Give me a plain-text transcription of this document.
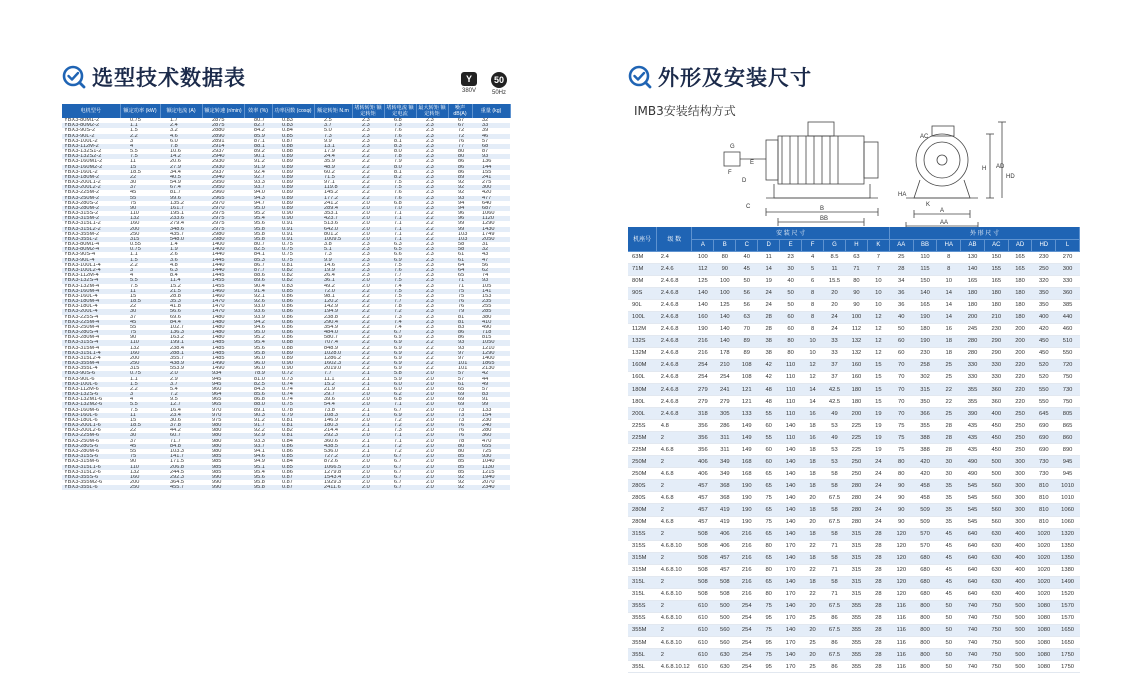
选型技术数据表	Y
380V
50
50Hz
电机型号	额定功率 (kW)	额定电流 (A)	额定转速 (r/min)	效率 (%)	功率因数 (cosφ)	额定转矩 N.m	堵转转矩 额定转矩	堵转电流 额定电流	最大转矩 额定转矩	噪声 dB(A)	重量 (kg)
YBX3-80M1-2	0.75	1.7	2875	80.7	0.83	2.5	2.3	6.8	2.3	67	32
YBX3-80M2-2	1.1	2.4	2875	82.7	0.83	3.7	2.3	7.3	2.3	67	33
YBX3-90S-2	1.5	3.2	2880	84.2	0.84	5.0	2.3	7.6	2.3	72	39
YBX3-90L-2	2.2	4.6	2890	85.9	0.85	7.3	2.3	7.6	2.3	72	46
YBX3-100L-2	3	6.0	2891	87.1	0.87	9.9	2.3	8.1	2.3	76	57
YBX3-112M-2	4	7.8	2914	88.1	0.88	13.1	2.3	8.3	2.3	77	68
YBX3-132S1-2	5.5	10.6	2937	89.2	0.88	17.9	2.2	8.0	2.3	80	87
YBX3-132S2-2	7.5	14.2	2940	90.1	0.89	24.4	2.2	7.8	2.3	80	93
YBX3-160M1-2	11	20.6	2930	91.2	0.89	35.9	2.2	7.9	2.3	86	136
YBX3-160M2-2	15	27.9	2930	91.9	0.89	48.9	2.2	8.0	2.3	86	144
YBX3-160L-2	18.5	34.4	2937	92.4	0.89	60.2	2.2	8.1	2.3	86	155
YBX3-180M-2	22	40.5	2940	92.7	0.89	71.5	2.2	8.2	2.3	89	241
YBX3-200L1-2	30	54.9	2950	93.3	0.89	97.1	2.2	7.5	2.3	92	275
YBX3-200L2-2	37	67.4	2950	93.7	0.89	119.8	2.2	7.5	2.3	92	300
YBX3-225M-2	45	81.7	2960	94.0	0.89	145.2	2.2	7.6	2.3	92	420
YBX3-250M-2	55	99.6	2965	94.3	0.89	177.2	2.2	7.6	2.3	93	477
YBX3-280S-2	75	135.2	2970	94.7	0.89	241.2	2.0	6.8	2.3	94	640
YBX3-280M-2	90	161.7	2970	95.0	0.89	289.4	2.0	7.0	2.3	94	687
YBX3-315S-2	110	195.1	2975	95.2	0.90	353.1	2.0	7.1	2.2	96	1060
YBX3-315M-2	132	233.6	2975	95.4	0.90	423.7	2.0	7.1	2.2	96	1120
YBX3-315L1-2	160	279.4	2975	95.6	0.91	513.6	2.0	7.1	2.2	99	1290
YBX3-315L2-2	200	348.6	2975	95.8	0.91	642.0	2.0	7.1	2.2	99	1430
YBX3-355M-2	250	435.7	2980	95.8	0.91	801.2	2.0	7.1	2.2	103	1749
YBX3-355L-2	315	548.0	2980	95.8	0.91	1009.5	2.0	7.1	2.2	103	2050
YBX3-80M1-4	0.55	1.4	1400	80.7	0.75	3.8	2.3	6.3	2.3	58	31
YBX3-80M2-4	0.75	1.9	1400	82.5	0.75	5.1	2.3	6.5	2.3	58	32
YBX3-90S-4	1.1	2.6	1440	84.1	0.75	7.3	2.3	6.6	2.3	61	43
YBX3-90L-4	1.5	3.6	1445	85.3	0.75	9.9	2.3	6.9	2.3	61	47
YBX3-100L1-4	2.2	4.8	1440	86.7	0.81	14.6	2.3	7.5	2.3	64	56
YBX3-100L2-4	3	6.3	1440	87.7	0.82	19.9	2.3	7.6	2.3	64	62
YBX3-112M-4	4	8.4	1445	88.6	0.82	26.4	2.3	7.7	2.3	65	74
YBX3-132S-4	5.5	11.4	1455	89.6	0.82	36.1	2.0	7.5	2.3	71	93
YBX3-132M-4	7.5	15.2	1455	90.4	0.83	49.2	2.0	7.4	2.3	71	105
YBX3-160M-4	11	21.5	1460	91.4	0.85	72.0	2.2	7.5	2.3	75	141
YBX3-160L-4	15	28.8	1460	92.1	0.86	98.1	2.2	7.5	2.3	75	153
YBX3-180M-4	18.5	35.3	1470	92.6	0.86	120.2	2.2	7.7	2.3	76	235
YBX3-180L-4	22	41.8	1470	93.0	0.86	142.9	2.2	7.8	2.3	76	255
YBX3-200L-4	30	56.6	1470	93.6	0.86	194.9	2.2	7.2	2.3	79	285
YBX3-225S-4	37	69.6	1480	93.9	0.86	238.8	2.2	7.3	2.3	81	380
YBX3-225M-4	45	84.4	1480	94.2	0.86	290.4	2.2	7.4	2.3	81	410
YBX3-250M-4	55	102.7	1480	94.6	0.86	354.9	2.2	7.4	2.3	83	490
YBX3-280S-4	75	136.3	1480	95.0	0.86	484.0	2.2	6.7	2.3	86	718
YBX3-280M-4	90	163.2	1480	95.2	0.86	580.7	2.2	6.9	2.3	86	815
YBX3-315S-4	110	199.1	1485	95.4	0.88	707.4	2.2	6.9	2.2	93	1050
YBX3-315M-4	132	238.4	1485	95.6	0.88	848.9	2.2	6.9	2.2	93	1210
YBX3-315L1-4	160	288.1	1485	95.8	0.89	1028.0	2.2	6.9	2.2	97	1290
YBX3-315L2-4	200	355.7	1485	96.0	0.89	1286.2	2.2	6.9	2.2	97	1400
YBX3-355M-4	250	438.9	1490	96.0	0.90	1602.3	2.2	6.9	2.2	101	1865
YBX3-355L-4	315	553.9	1490	96.0	0.90	2019.0	2.2	6.9	2.2	101	2130
YBX3-90S-6	0.75	2.0	934	78.9	0.72	7.7	2.1	5.8	2.0	57	42
YBX3-90L-6	1.1	2.9	945	81.0	0.73	11.1	2.1	5.9	2.0	57	44
YBX3-100L-6	1.5	3.7	945	82.5	0.74	15.2	2.1	6.0	2.0	61	49
YBX3-112M-6	2.2	5.4	960	84.3	0.74	21.9	2.1	6.0	2.0	65	57
YBX3-132S-6	3	7.2	964	85.6	0.74	29.7	2.0	6.2	2.0	69	83
YBX3-132M1-6	4	9.5	965	86.8	0.74	39.6	2.0	6.8	2.0	69	91
YBX3-132M2-6	5.5	12.7	965	88.0	0.75	54.4	2.0	7.1	2.0	69	99
YBX3-160M-6	7.5	16.4	970	89.1	0.78	73.8	2.1	6.7	2.0	73	133
YBX3-160L-6	11	23.4	970	90.3	0.79	108.3	2.1	6.9	2.0	73	154
YBX3-180L-6	15	30.6	975	91.2	0.81	146.9	2.0	7.2	2.0	73	230
YBX3-200L1-6	18.5	37.8	980	91.7	0.81	180.3	2.1	7.2	2.0	76	240
YBX3-200L2-6	22	44.2	980	92.2	0.82	214.4	2.1	7.3	2.0	76	280
YBX3-225M-6	30	60.7	980	92.9	0.81	292.3	2.0	7.1	2.0	76	360
YBX3-250M-6	37	71.7	980	93.3	0.84	360.6	2.1	7.1	2.0	78	470
YBX3-280S-6	45	84.8	980	93.7	0.86	438.5	2.1	7.2	2.0	80	655
YBX3-280M-6	55	103.3	980	94.1	0.86	536.0	2.1	7.2	2.0	80	725
YBX3-315S-6	75	141.7	985	94.6	0.85	727.2	2.0	6.7	2.0	85	930
YBX3-315M-6	90	171.5	985	94.9	0.84	872.6	2.0	6.7	2.0	85	1040
YBX3-315L1-6	110	206.8	985	95.1	0.85	1066.5	2.0	6.7	2.0	85	1130
YBX3-315L2-6	132	244.5	985	95.4	0.86	1279.8	2.0	6.7	2.0	85	1215
YBX3-355S-6	160	292.3	990	95.6	0.87	1543.4	2.0	6.7	2.0	92	1940
YBX3-355M2-6	200	364.5	990	95.8	0.87	1929.3	2.0	6.7	2.0	92	2070
YBX3-355L-6	250	455.7	990	95.8	0.87	2411.6	2.0	6.7	2.0	92	2340
外形及安装尺寸
IMB3安装结构方式
A
AA
AC
AD
HD
H
K
HA
B
BB
C
G
F
D
E
机座号	级 数	安 装 尺 寸									外 形 尺 寸							
		A	B	C	D	E	F	G	H	K	AA	BB	HA	AB	AC	AD	HD	L
63M	2.4	100	80	40	11	23	4	8.5	63	7	25	110	8	130	150	165	230	270
71M	2.4.6	112	90	45	14	30	5	11	71	7	28	115	8	140	155	165	250	300
80M	2.4.6.8	125	100	50	19	40	6	15.5	80	10	34	150	10	165	165	180	320	330
90S	2.4.6.8	140	100	56	24	50	8	20	90	10	36	140	14	180	180	180	350	360
90L	2.4.6.8	140	125	56	24	50	8	20	90	10	36	165	14	180	180	180	350	385
100L	2.4.6.8	160	140	63	28	60	8	24	100	12	40	190	14	200	210	180	400	440
112M	2.4.6.8	190	140	70	28	60	8	24	112	12	50	180	16	245	230	200	420	460
132S	2.4.6.8	216	140	89	38	80	10	33	132	12	60	190	18	280	290	200	450	510
132M	2.4.6.8	216	178	89	38	80	10	33	132	12	60	230	18	280	290	200	450	550
160M	2.4.6.8	254	210	108	42	110	12	37	160	15	70	258	25	330	330	220	520	720
160L	2.4.6.8	254	254	108	42	110	12	37	160	15	70	302	25	330	330	220	520	750
180M	2.4.6.8	279	241	121	48	110	14	42.5	180	15	70	315	22	355	360	220	550	730
180L	2.4.6.8	279	279	121	48	110	14	42.5	180	15	70	350	22	355	360	220	550	750
200L	2.4.6.8	318	305	133	55	110	16	49	200	19	70	366	25	390	400	250	645	805
225S	4.8	356	286	149	60	140	18	53	225	19	75	355	28	435	450	250	690	865
225M	2	356	311	149	55	110	16	49	225	19	75	388	28	435	450	250	690	860
225M	4.6.8	356	311	149	60	140	18	53	225	19	75	388	28	435	450	250	690	890
250M	2	406	349	168	60	140	18	53	250	24	80	420	30	490	500	300	730	945
250M	4.6.8	406	349	168	65	140	18	58	250	24	80	420	30	490	500	300	730	945
280S	2	457	368	190	65	140	18	58	280	24	90	458	35	545	560	300	810	1010
280S	4.6.8	457	368	190	75	140	20	67.5	280	24	90	458	35	545	560	300	810	1010
280M	2	457	419	190	65	140	18	58	280	24	90	509	35	545	560	300	810	1060
280M	4.6.8	457	419	190	75	140	20	67.5	280	24	90	509	35	545	560	300	810	1060
315S	2	508	406	216	65	140	18	58	315	28	120	570	45	640	630	400	1020	1320
315S	4.6.8.10	508	406	216	80	170	22	71	315	28	120	570	45	640	630	400	1020	1350
315M	2	508	457	216	65	140	18	58	315	28	120	680	45	640	630	400	1020	1350
315M	4.6.8.10	508	457	216	80	170	22	71	315	28	120	680	45	640	630	400	1020	1380
315L	2	508	508	216	65	140	18	58	315	28	120	680	45	640	630	400	1020	1490
315L	4.6.8.10	508	508	216	80	170	22	71	315	28	120	680	45	640	630	400	1020	1520
355S	2	610	500	254	75	140	20	67.5	355	28	116	800	50	740	750	500	1080	1570
355S	4.6.8.10	610	500	254	95	170	25	86	355	28	116	800	50	740	750	500	1080	1570
355M	2	610	560	254	75	140	20	67.5	355	28	116	800	50	740	750	500	1080	1650
355M	4.6.8.10	610	560	254	95	170	25	86	355	28	116	800	50	740	750	500	1080	1650
355L	2	610	630	254	75	140	20	67.5	355	28	116	800	50	740	750	500	1080	1750
355L	4.6.8.10.12	610	630	254	95	170	25	86	355	28	116	800	50	740	750	500	1080	1750
